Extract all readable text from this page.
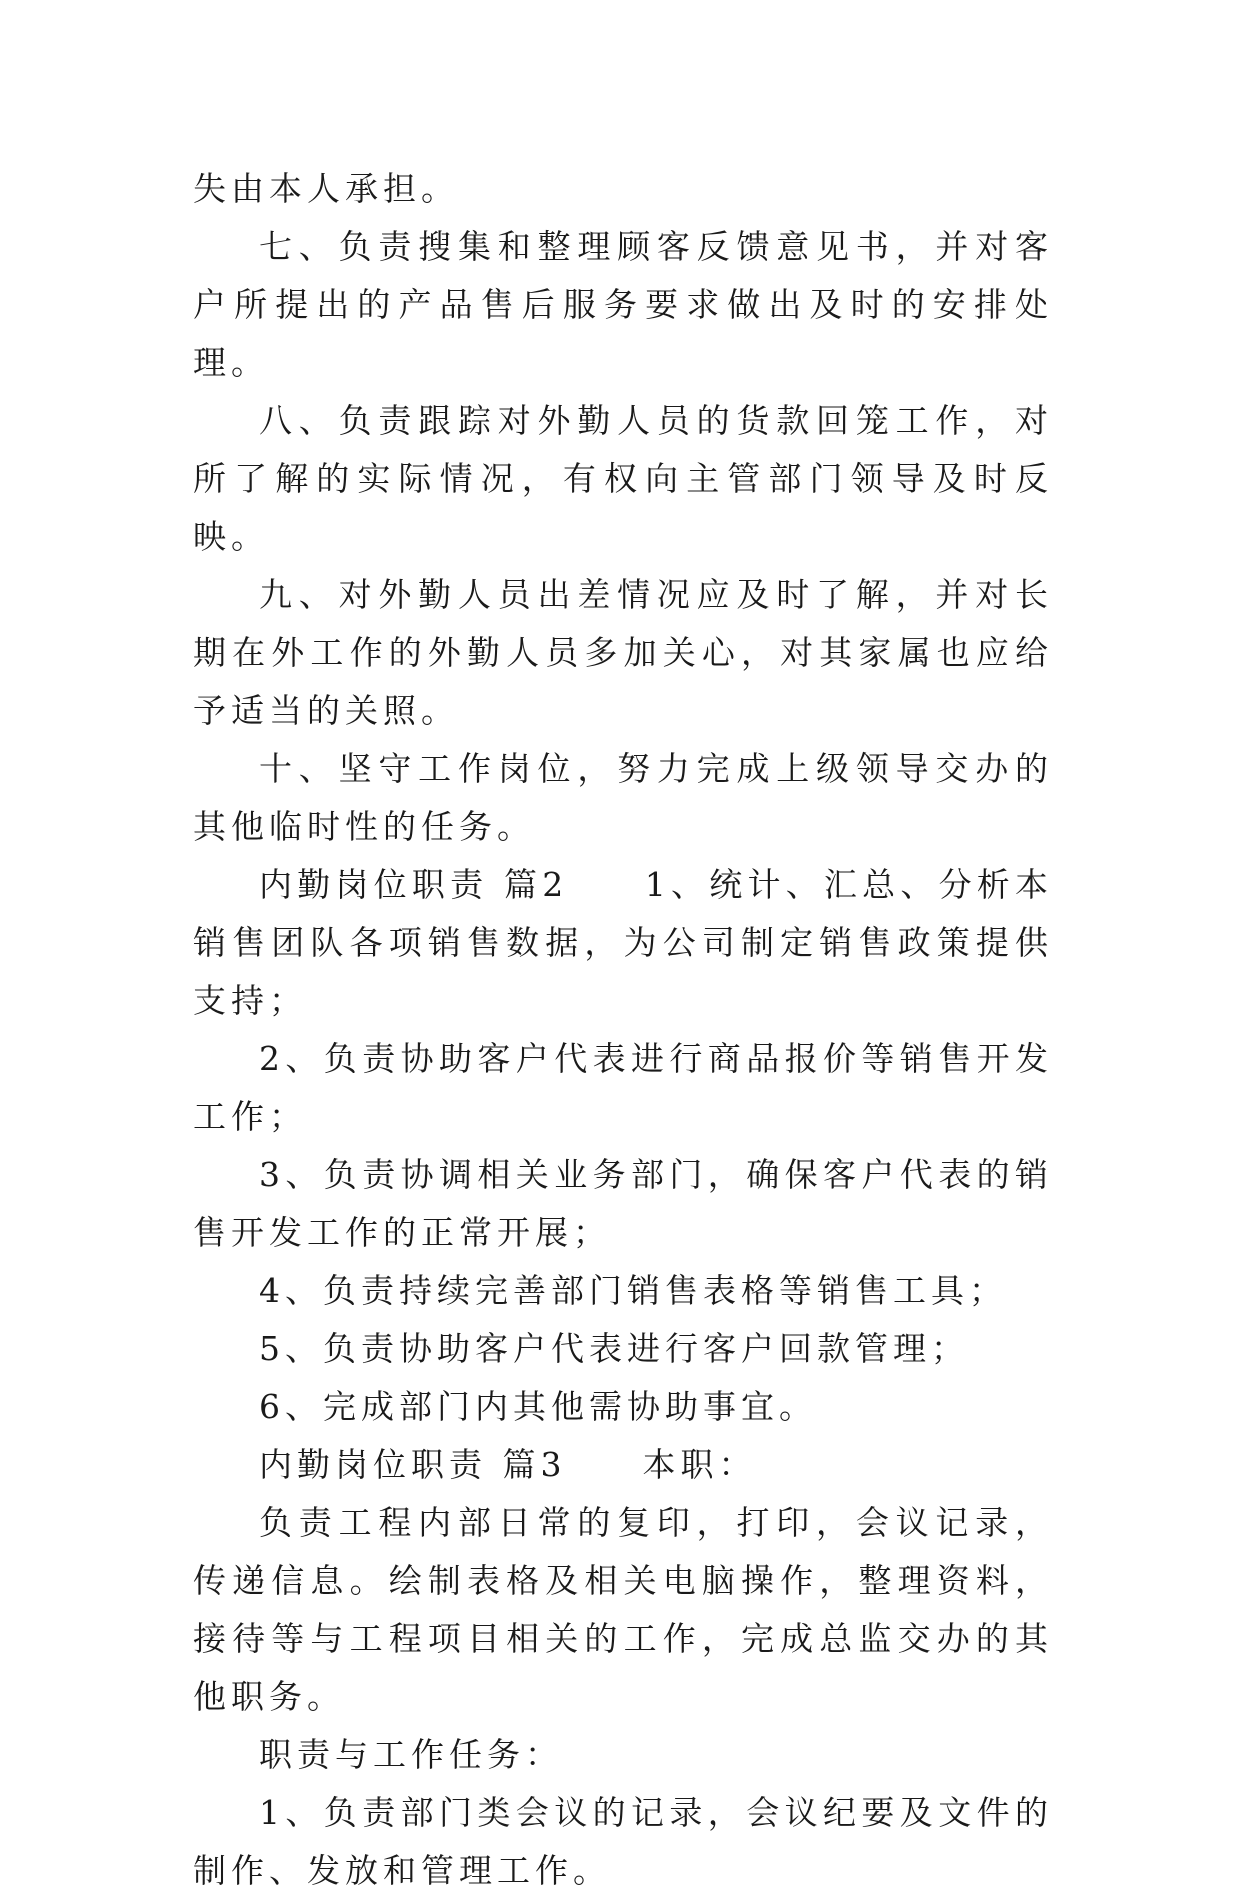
失由本人承担。

七、负责搜集和整理顾客反馈意见书，并对客户所提出的产品售后服务要求做出及时的安排处理。

八、负责跟踪对外勤人员的货款回笼工作，对所了解的实际情况，有权向主管部门领导及时反映。

九、对外勤人员出差情况应及时了解，并对长期在外工作的外勤人员多加关心，对其家属也应给予适当的关照。

十、坚守工作岗位，努力完成上级领导交办的其他临时性的任务。

内勤岗位职责 篇2　　1、统计、汇总、分析本销售团队各项销售数据，为公司制定销售政策提供支持；

2、负责协助客户代表进行商品报价等销售开发工作；

3、负责协调相关业务部门，确保客户代表的销售开发工作的正常开展；

4、负责持续完善部门销售表格等销售工具；

5、负责协助客户代表进行客户回款管理；

6、完成部门内其他需协助事宜。

内勤岗位职责 篇3　　本职：

负责工程内部日常的复印，打印，会议记录，传递信息。绘制表格及相关电脑操作，整理资料，接待等与工程项目相关的工作，完成总监交办的其他职务。

职责与工作任务：

1、负责部门类会议的记录，会议纪要及文件的制作、发放和管理工作。
